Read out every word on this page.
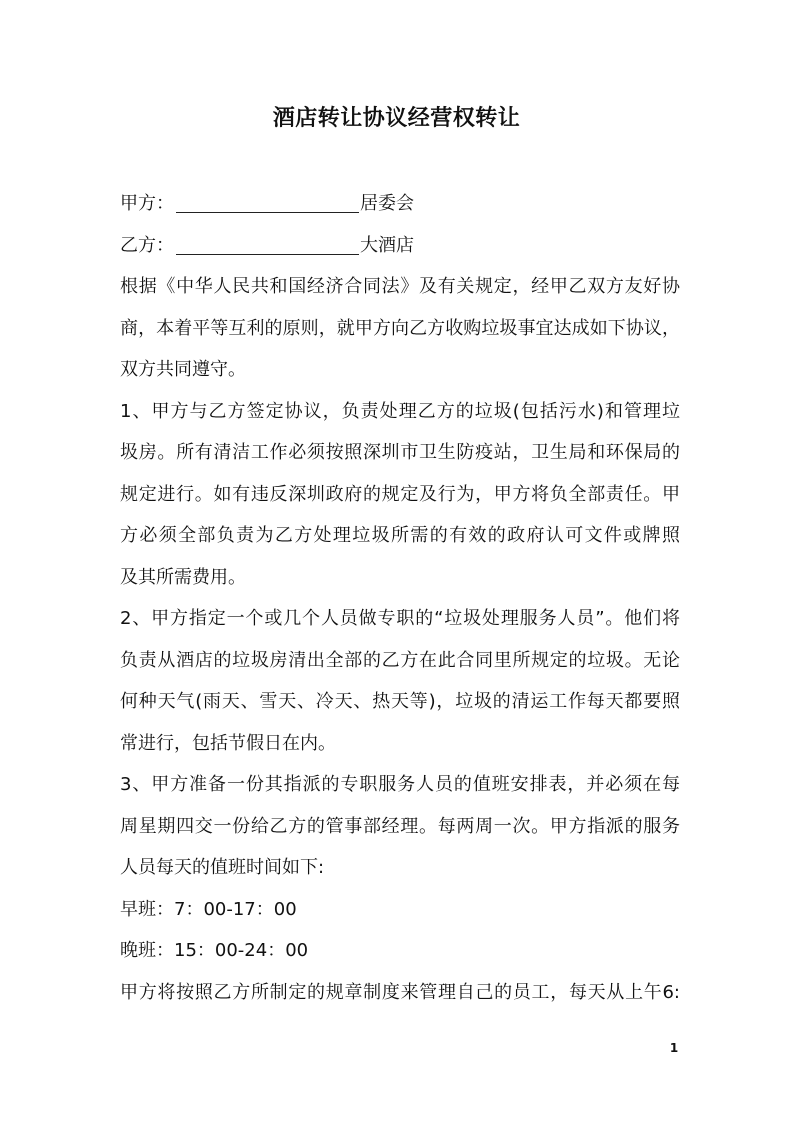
酒店转让协议经营权转让
甲方：	居委会
乙方：	大酒店
根据《中华人民共和国经济合同法》及有关规定，经甲乙双方友好协
商，本着平等互利的原则，就甲方向乙方收购垃圾事宜达成如下协议，
双方共同遵守。
1、甲方与乙方签定协议，负责处理乙方的垃圾(包括污水)和管理垃
圾房。所有清洁工作必须按照深圳市卫生防疫站，卫生局和环保局的
规定进行。如有违反深圳政府的规定及行为，甲方将负全部责任。甲
方必须全部负责为乙方处理垃圾所需的有效的政府认可文件或牌照
及其所需费用。
2、甲方指定一个或几个人员做专职的“垃圾处理服务人员”。他们将
负责从酒店的垃圾房清出全部的乙方在此合同里所规定的垃圾。无论
何种天气(雨天、雪天、冷天、热天等)，垃圾的清运工作每天都要照
常进行，包括节假日在内。
3、甲方准备一份其指派的专职服务人员的值班安排表，并必须在每
周星期四交一份给乙方的管事部经理。每两周一次。甲方指派的服务
人员每天的值班时间如下:
早班：7：00-17：00
晚班：15：00-24：00
甲方将按照乙方所制定的规章制度来管理自己的员工，每天从上午6:
1
